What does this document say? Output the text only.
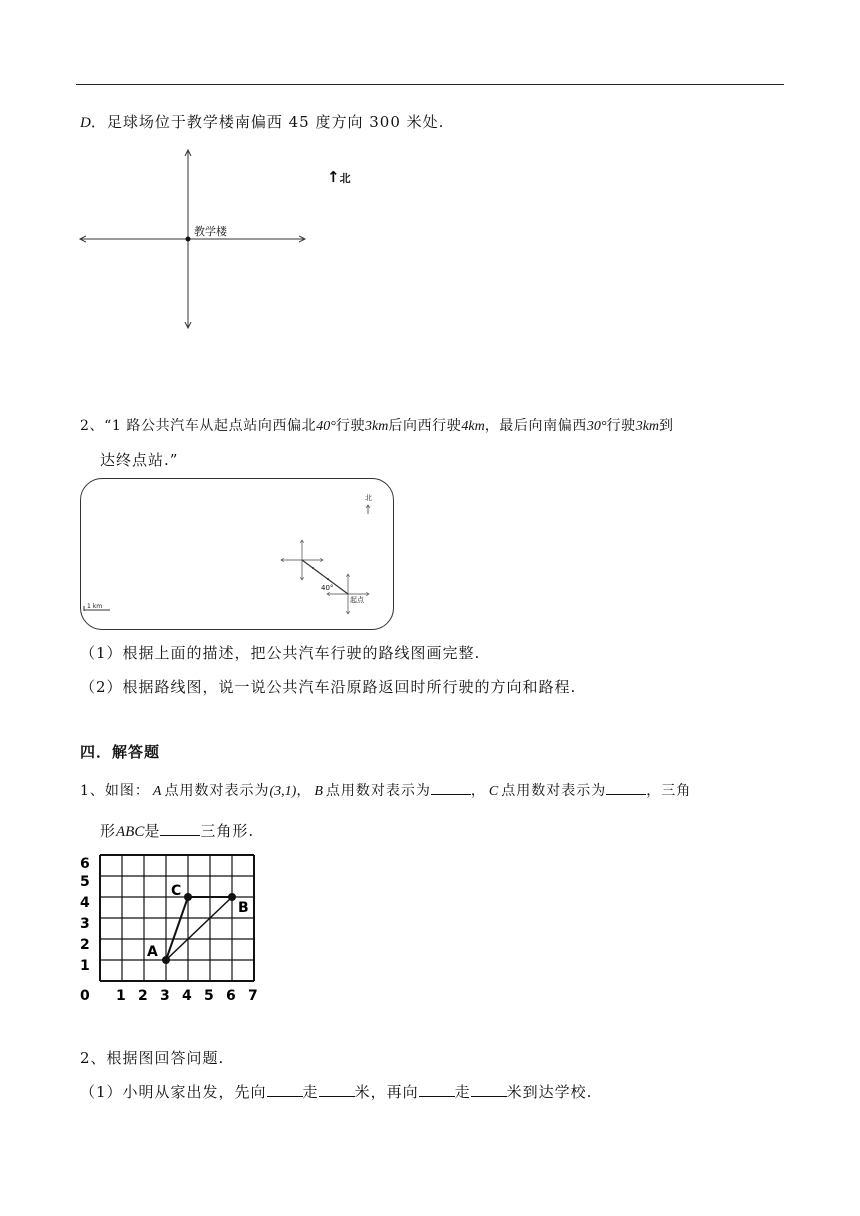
D．足球场位于教学楼南偏西 45 度方向 300 米处.
教学楼
↑北
2、“1 路公共汽车从起点站向西偏北40°行驶3km后向西行驶4km，最后向南偏西30°行驶3km到
达终点站.”
北
40°
起点
1 km
（1）根据上面的描述，把公共汽车行驶的路线图画完整.
（2）根据路线图，说一说公共汽车沿原路返回时所行驶的方向和路程.
四．解答题
1、如图： A 点用数对表示为(3,1)， B 点用数对表示为	， C 点用数对表示为	，三角
形ABC是	三角形.
0 1 2 3 4 5 6 7
1
2
3
4
5
6
A
C
B
2、根据图回答问题.
（1）小明从家出发，先向 走 米，再向 走 米到达学校.
